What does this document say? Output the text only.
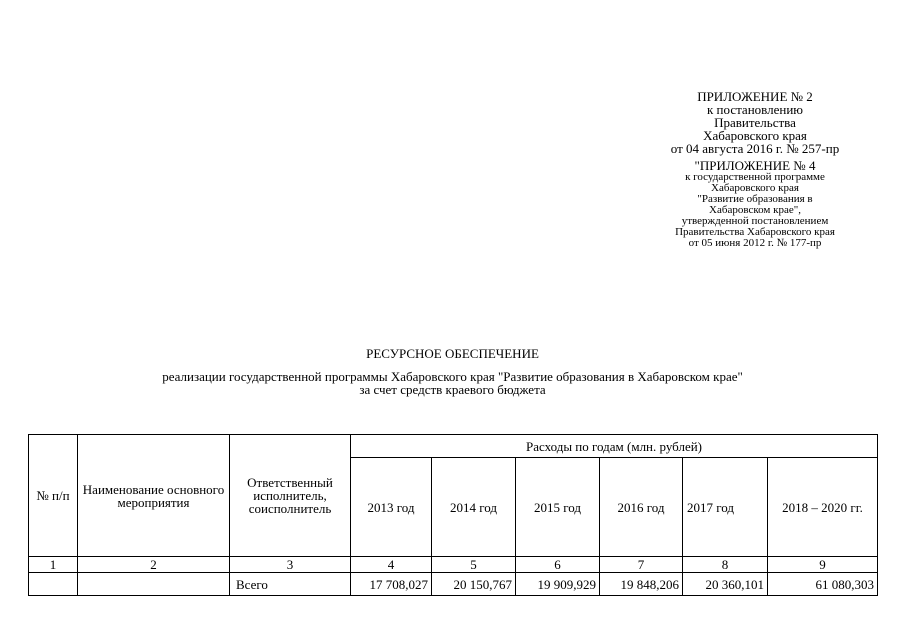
ПРИЛОЖЕНИЕ № 2
к постановлению
Правительства
Хабаровского края
от 04 августа 2016 г. № 257-пр
"ПРИЛОЖЕНИЕ № 4
к государственной программе
Хабаровского края
"Развитие образования в
Хабаровском крае",
утвержденной постановлением
Правительства Хабаровского края
от 05 июня 2012 г. № 177-пр
РЕСУРСНОЕ ОБЕСПЕЧЕНИЕ
реализации государственной программы Хабаровского края "Развитие образования в Хабаровском крае"
за счет средств краевого бюджета
№ п/п	Наименование основного мероприятия	Ответственный исполнитель, соисполнитель	Расходы по годам (млн. рублей)					
			2013 год	2014 год	2015 год	2016 год	2017 год	2018 – 2020 гг.
1	2	3	4	5	6	7	8	9
		Всего	17 708,027	20 150,767	19 909,929	19 848,206	20 360,101	61 080,303
